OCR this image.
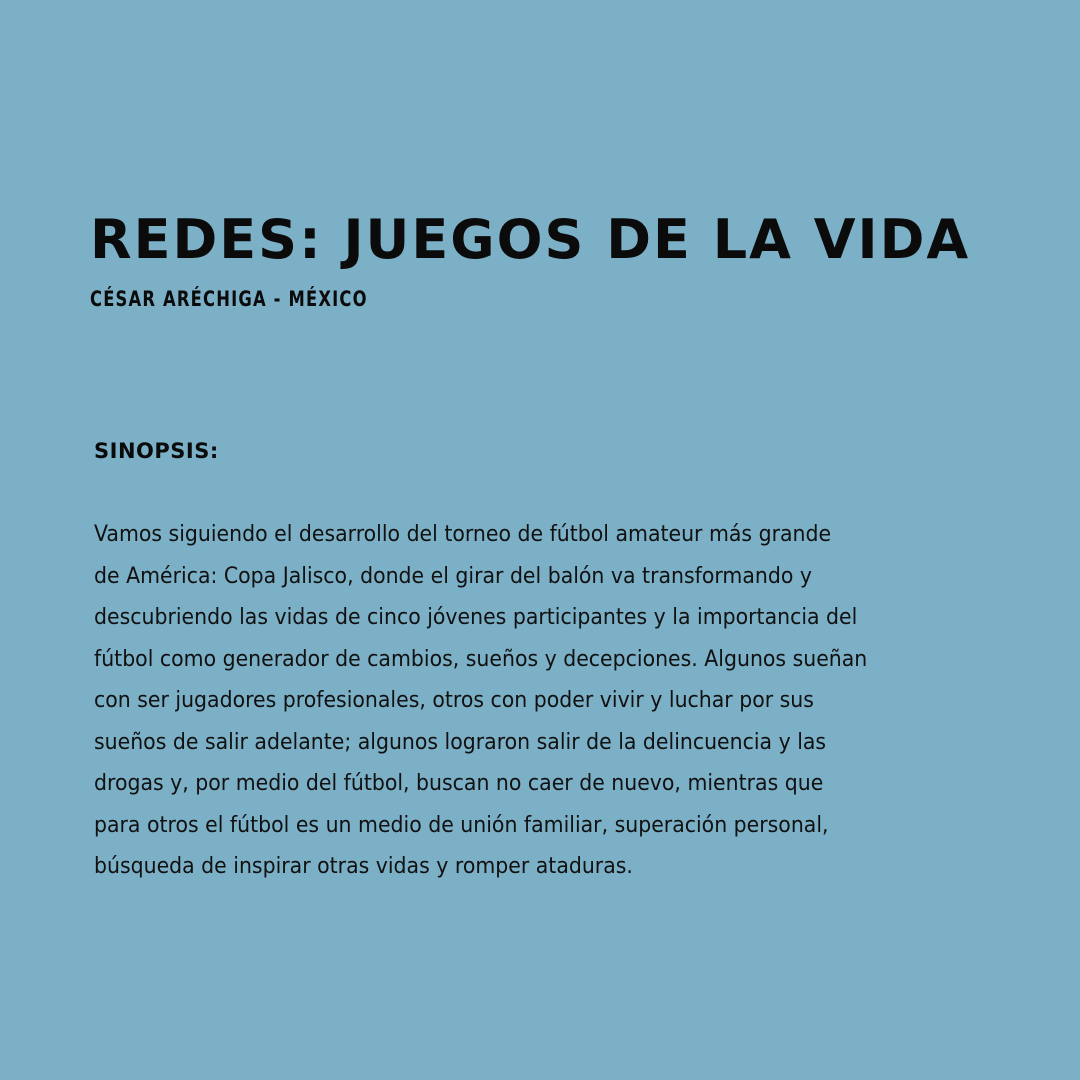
REDES: JUEGOS DE LA VIDA
CÉSAR ARÉCHIGA - MÉXICO
SINOPSIS:

Vamos siguiendo el desarrollo del torneo de fútbol amateur más grande
de América: Copa Jalisco, donde el girar del balón va transformando y
descubriendo las vidas de cinco jóvenes participantes y la importancia del
fútbol como generador de cambios, sueños y decepciones. Algunos sueñan
con ser jugadores profesionales, otros con poder vivir y luchar por sus
sueños de salir adelante; algunos lograron salir de la delincuencia y las
drogas y, por medio del fútbol, buscan no caer de nuevo, mientras que
para otros el fútbol es un medio de unión familiar, superación personal,
búsqueda de inspirar otras vidas y romper ataduras.
